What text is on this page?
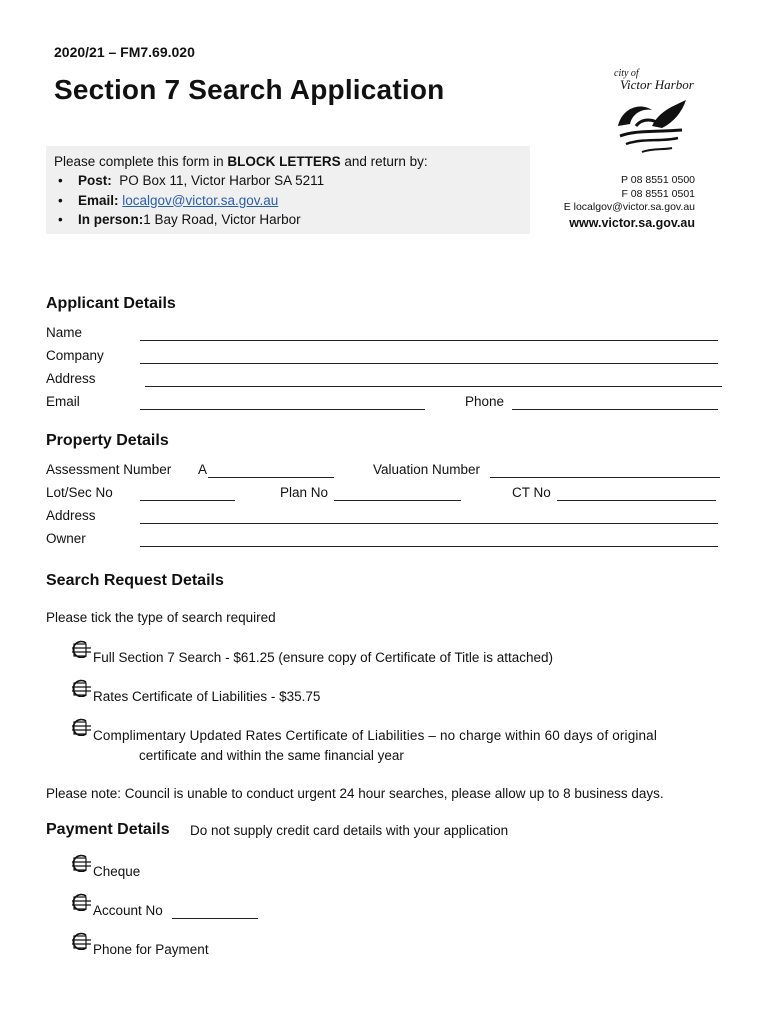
2020/21 – FM7.69.020
Section 7 Search Application
city of
Victor Harbor
Please complete this form in BLOCK LETTERS and return by:
• Post: PO Box 11, Victor Harbor SA 5211
• Email: localgov@victor.sa.gov.au
• In person:1 Bay Road, Victor Harbor
P 08 8551 0500
F 08 8551 0501
E localgov@victor.sa.gov.au
www.victor.sa.gov.au
Applicant Details
Name
Company
Address
Email	Phone
Property Details
Assessment Number A	Valuation Number
Lot/Sec No	Plan No	CT No
Address
Owner
Search Request Details
Please tick the type of search required
Full Section 7 Search - $61.25 (ensure copy of Certificate of Title is attached)
Rates Certificate of Liabilities - $35.75
Complimentary Updated Rates Certificate of Liabilities – no charge within 60 days of original
certificate and within the same financial year
Please note: Council is unable to conduct urgent 24 hour searches, please allow up to 8 business days.
Payment Details Do not supply credit card details with your application
Cheque
Account No
Phone for Payment
